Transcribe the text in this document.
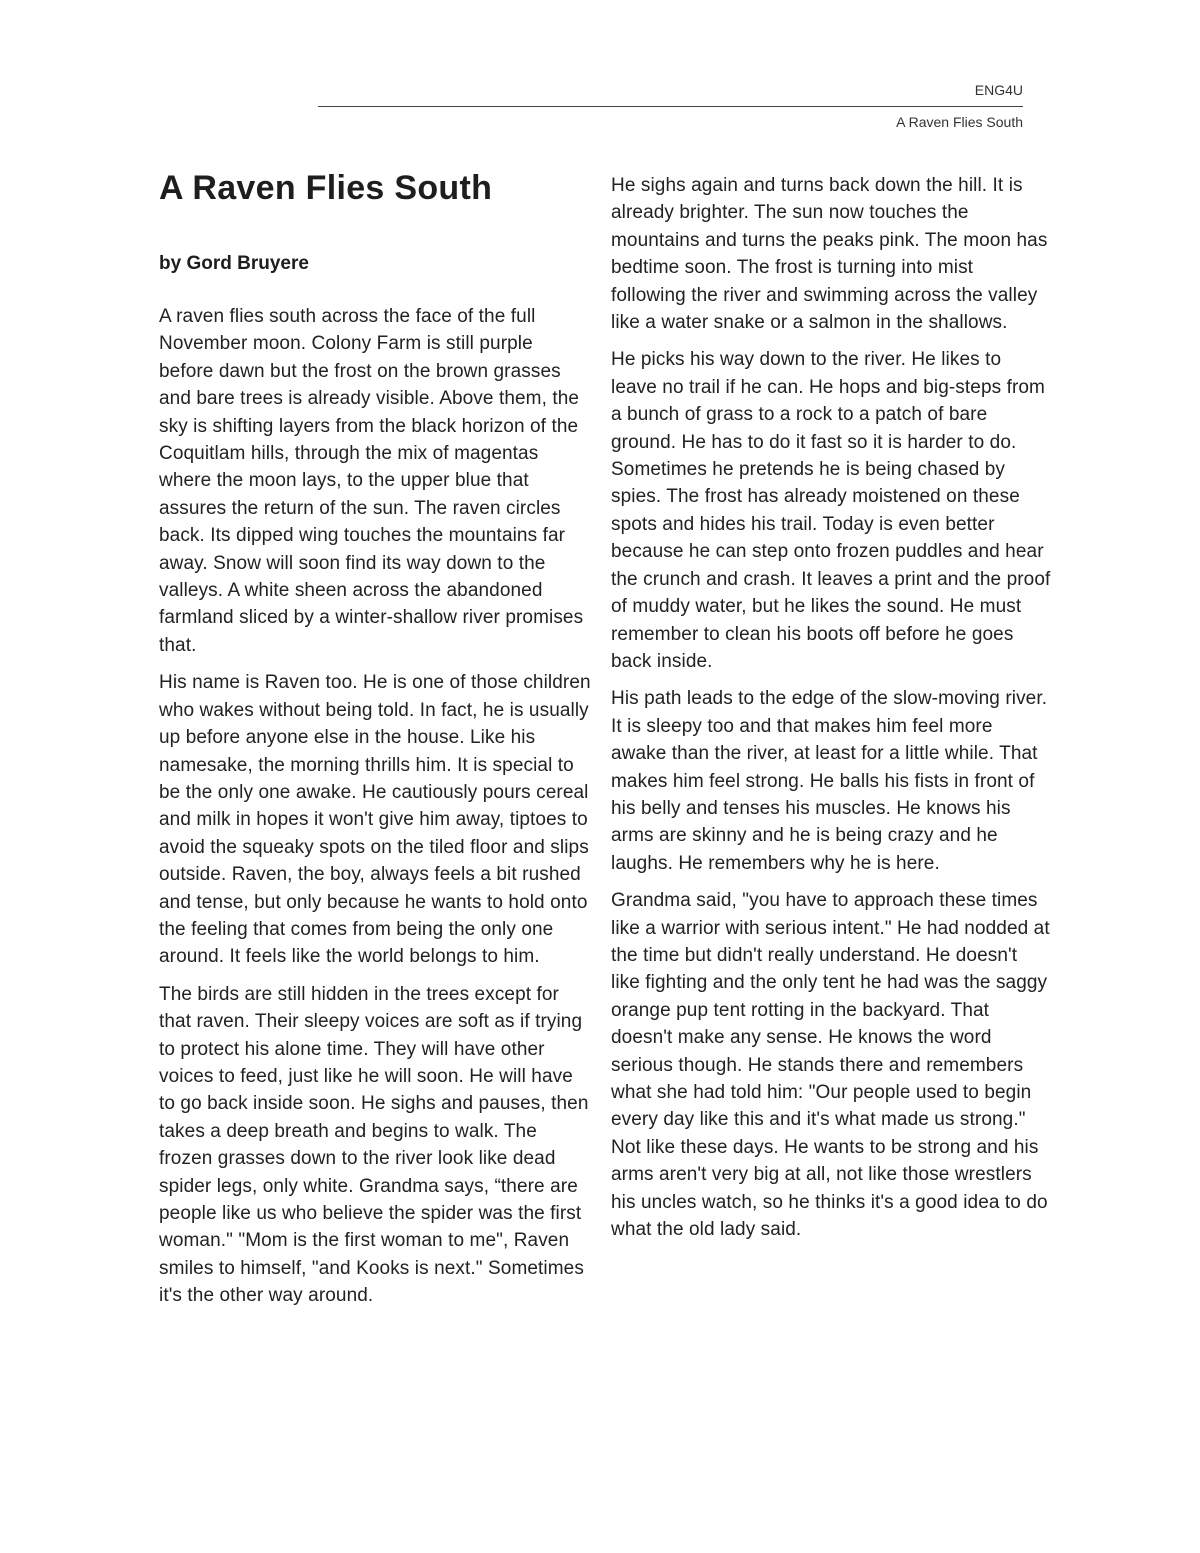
ENG4U
A Raven Flies South
A Raven Flies South

by Gord Bruyere

A raven flies south across the face of the full November moon. Colony Farm is still purple before dawn but the frost on the brown grasses and bare trees is already visible. Above them, the sky is shifting layers from the black horizon of the Coquitlam hills, through the mix of magentas where the moon lays, to the upper blue that assures the return of the sun. The raven circles back. Its dipped wing touches the mountains far away. Snow will soon find its way down to the valleys. A white sheen across the abandoned farmland sliced by a winter-shallow river promises that.

His name is Raven too. He is one of those children who wakes without being told. In fact, he is usually up before anyone else in the house. Like his namesake, the morning thrills him. It is special to be the only one awake. He cautiously pours cereal and milk in hopes it won't give him away, tiptoes to avoid the squeaky spots on the tiled floor and slips outside. Raven, the boy, always feels a bit rushed and tense, but only because he wants to hold onto the feeling that comes from being the only one around. It feels like the world belongs to him.

The birds are still hidden in the trees except for that raven. Their sleepy voices are soft as if trying to protect his alone time. They will have other voices to feed, just like he will soon. He will have to go back inside soon. He sighs and pauses, then takes a deep breath and begins to walk. The frozen grasses down to the river look like dead spider legs, only white. Grandma says, “there are people like us who believe the spider was the first woman." "Mom is the first woman to me", Raven smiles to himself, "and Kooks is next." Sometimes it's the other way around.

He sighs again and turns back down the hill. It is already brighter. The sun now touches the mountains and turns the peaks pink. The moon has bedtime soon. The frost is turning into mist following the river and swimming across the valley like a water snake or a salmon in the shallows.

He picks his way down to the river. He likes to leave no trail if he can. He hops and big-steps from a bunch of grass to a rock to a patch of bare ground. He has to do it fast so it is harder to do. Sometimes he pretends he is being chased by spies. The frost has already moistened on these spots and hides his trail. Today is even better because he can step onto frozen puddles and hear the crunch and crash. It leaves a print and the proof of muddy water, but he likes the sound. He must remember to clean his boots off before he goes back inside.

His path leads to the edge of the slow-moving river. It is sleepy too and that makes him feel more awake than the river, at least for a little while. That makes him feel strong. He balls his fists in front of his belly and tenses his muscles. He knows his arms are skinny and he is being crazy and he laughs. He remembers why he is here.

Grandma said, "you have to approach these times like a warrior with serious intent." He had nodded at the time but didn't really understand. He doesn't like fighting and the only tent he had was the saggy orange pup tent rotting in the backyard. That doesn't make any sense. He knows the word serious though. He stands there and remembers what she had told him: "Our people used to begin every day like this and it's what made us strong." Not like these days. He wants to be strong and his arms aren't very big at all, not like those wrestlers his uncles watch, so he thinks it's a good idea to do what the old lady said.
